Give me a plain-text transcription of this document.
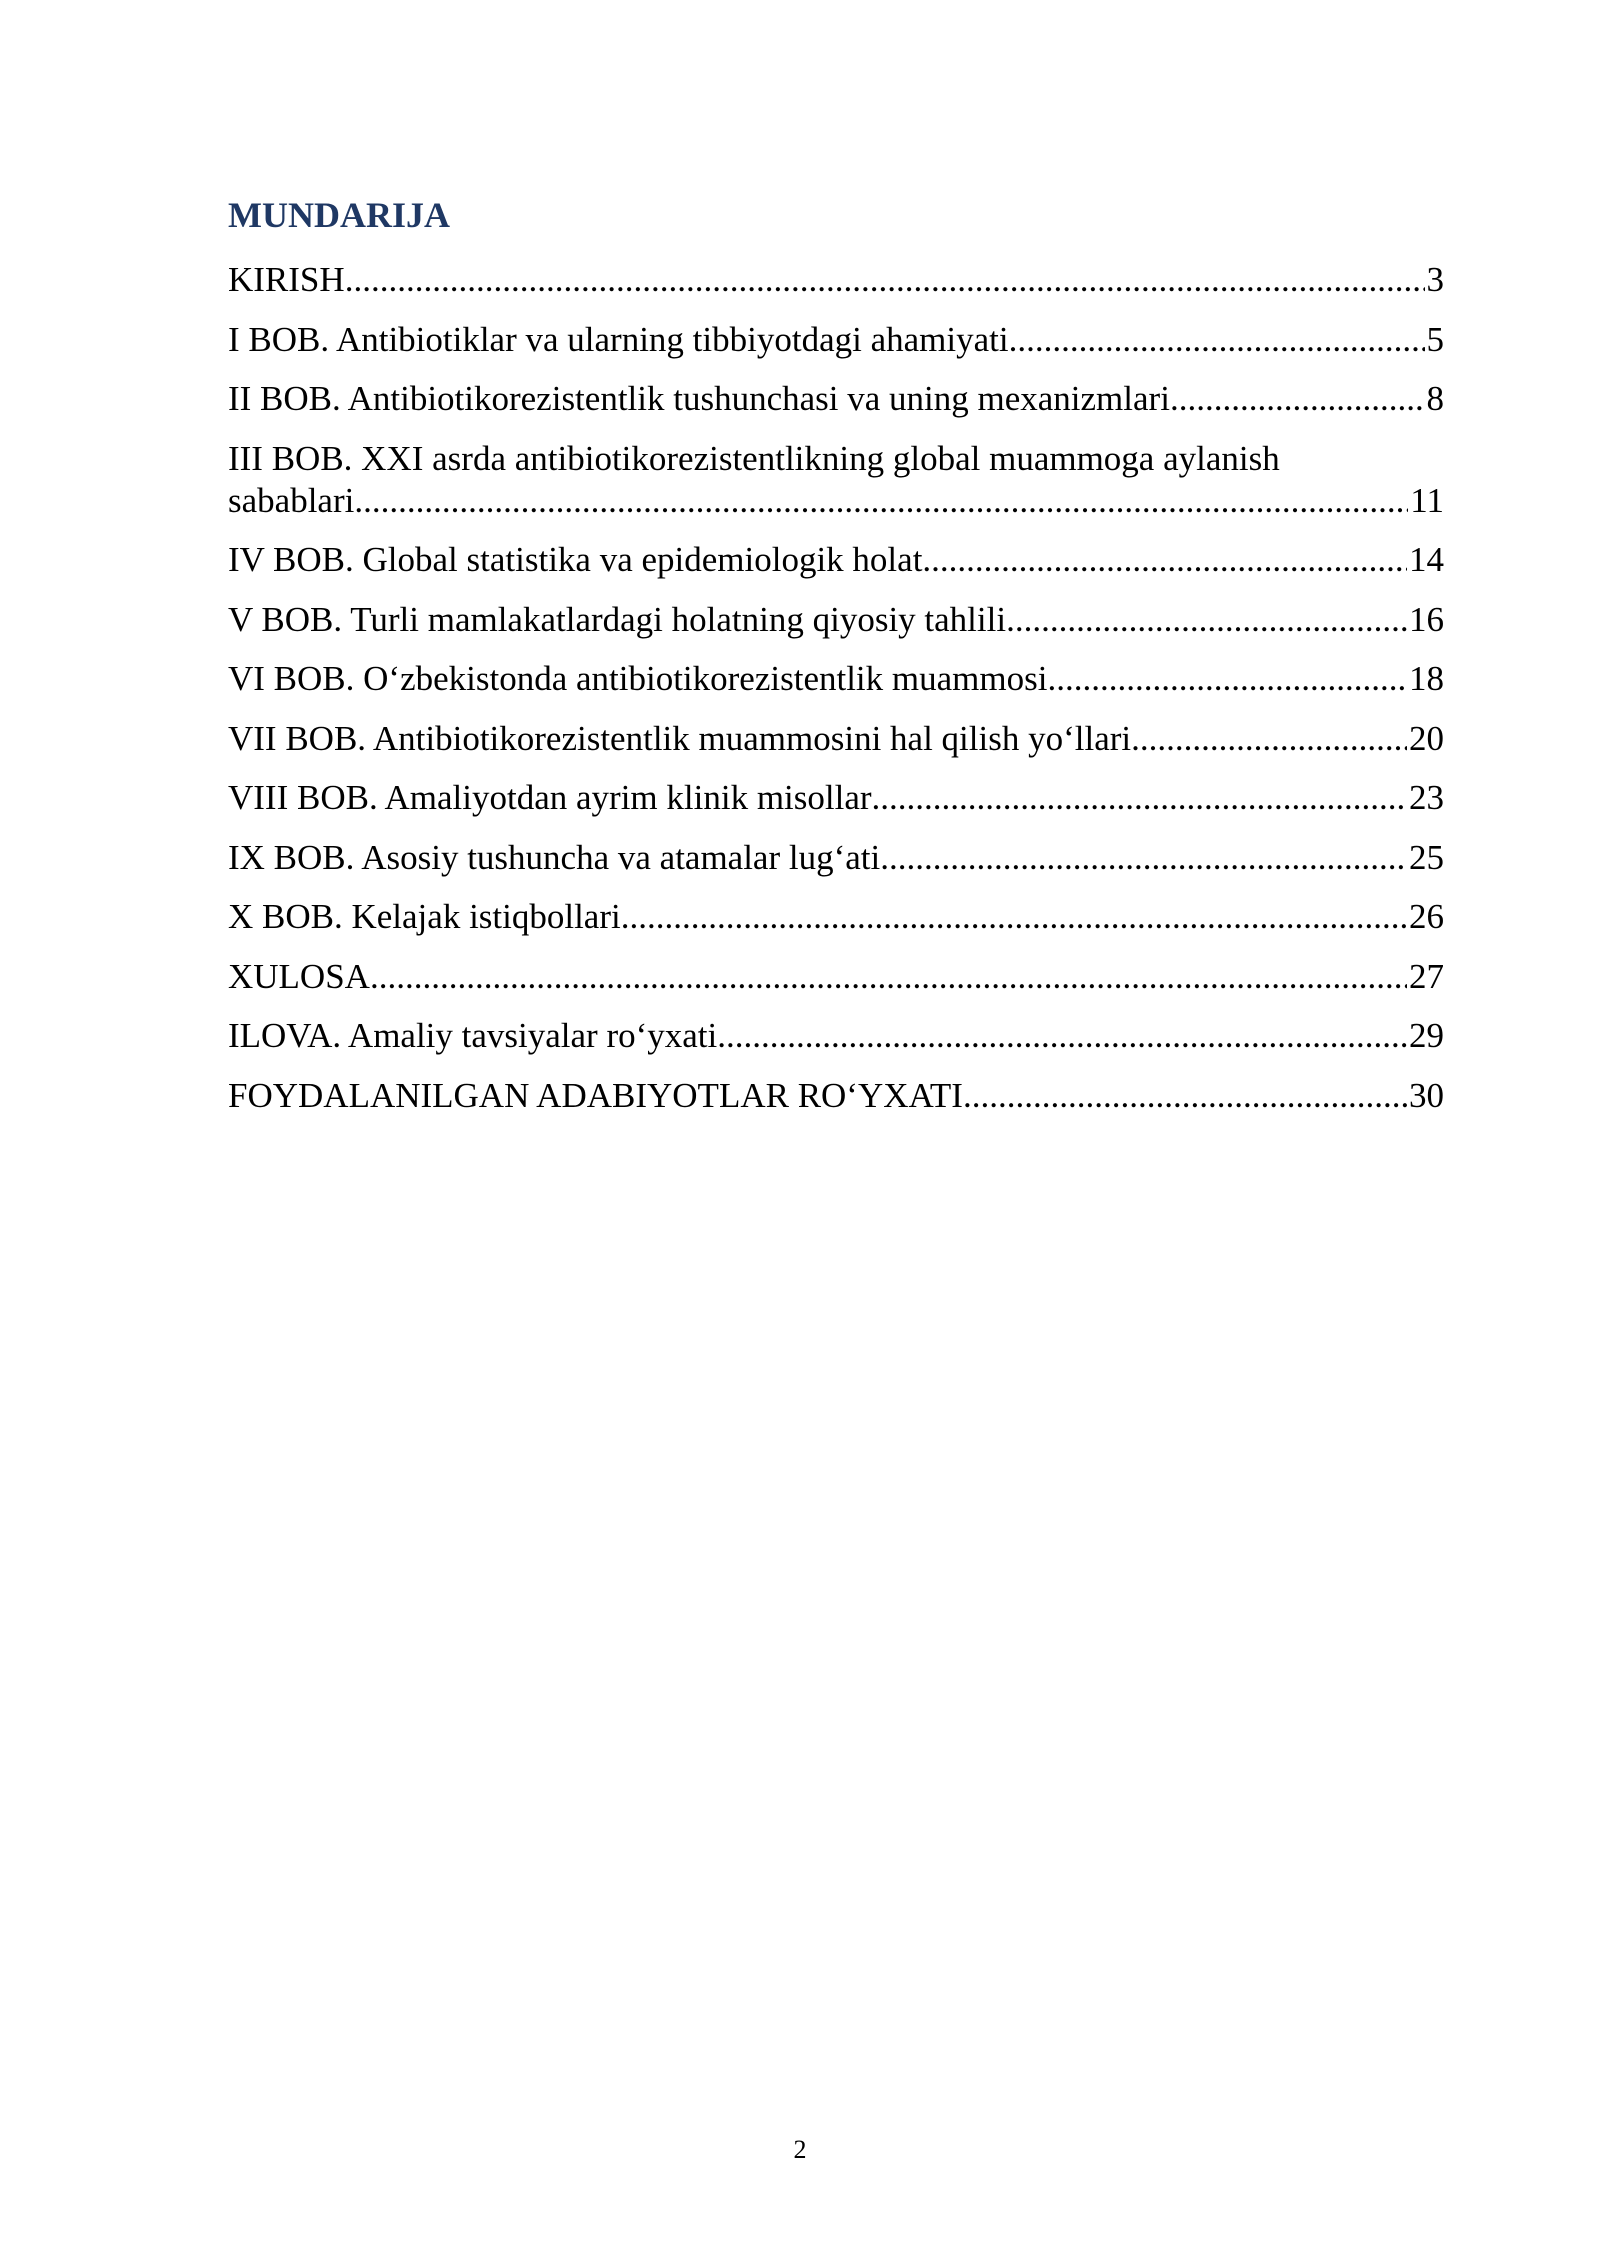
MUNDARIJA
KIRISH .....	3
I BOB. Antibiotiklar va ularning tibbiyotdagi ahamiyati .....	5
II BOB. Antibiotikorezistentlik tushunchasi va uning mexanizmlari .....	8
III BOB. XXI asrda antibiotikorezistentlikning global muammoga aylanish
sabablari .....	11
IV BOB. Global statistika va epidemiologik holat .....	14
V BOB. Turli mamlakatlardagi holatning qiyosiy tahlili .....	16
VI BOB. O‘zbekistonda antibiotikorezistentlik muammosi .....	18
VII BOB. Antibiotikorezistentlik muammosini hal qilish yo‘llari .....	20
VIII BOB. Amaliyotdan ayrim klinik misollar .....	23
IX BOB. Asosiy tushuncha va atamalar lug‘ati .....	25
X BOB. Kelajak istiqbollari .....	26
XULOSA .....	27
ILOVA. Amaliy tavsiyalar ro‘yxati .....	29
FOYDALANILGAN ADABIYOTLAR RO‘YXATI .....	30
2
